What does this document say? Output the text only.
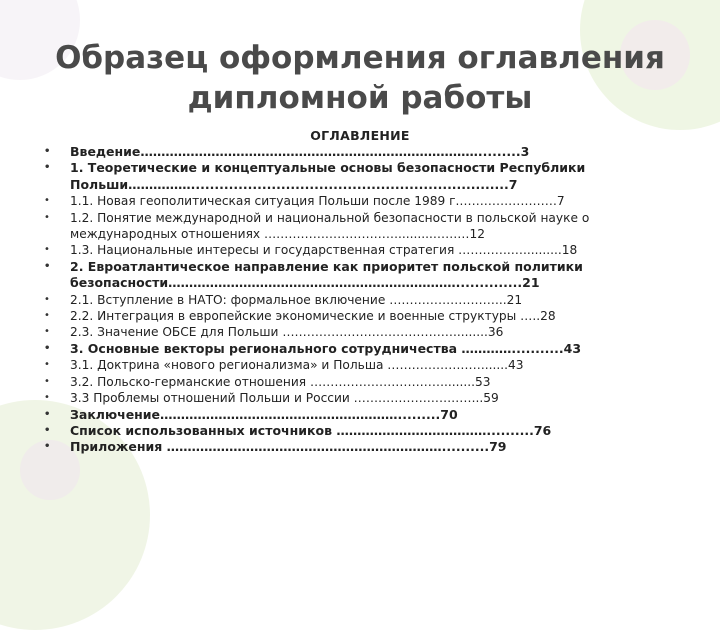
Образец оформления оглавления
дипломной работы
ОГЛАВЛЕНИЕ
• Введение……………………………………………………………………….........3
• 1. Теоретические и концептуальные основы безопасности Республики
Польши……………...................................................................7
• 1.1. Новая геополитическая ситуация Польши после 1989 г.……………………7
• 1.2. Понятие международной и национальной безопасности в польской науке о
международных отношениях …………………………….........………12
• 1.3. Национальные интересы и государственная стратегия ………….…..........18
• 2. Евроатлантическое направление как приоритет польской политики
безопасности……………………………………………………………..............21
• 2.1. Вступление в НАТО: формальное включение ………………………..21
• 2.2. Интеграция в европейские экономические и военные структуры …..28
• 2.3. Значение ОБСЕ для Польши …………………………………….........36
• 3. Основные векторы регионального сотрудничества …………...........43
• 3.1. Доктрина «нового регионализма» и Польша ……………………......43
• 3.2. Польско-германские отношения ……………………………........53
• 3.3 Проблемы отношений Польши и России …………………………..59
• Заключение………………………………………………….........70
• Список использованных источников ………………………………..........76
• Приложения …………………………………………………………..........79
